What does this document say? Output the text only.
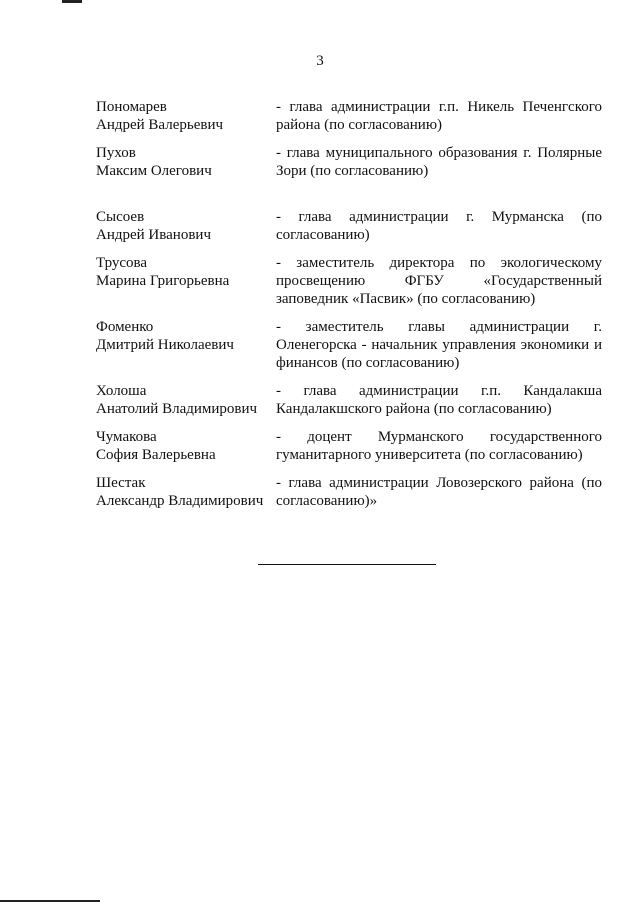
3
Пономарев
Андрей Валерьевич
- глава администрации г.п. Никель Печенгского района (по согласованию)
Пухов
Максим Олегович
- глава муниципального образования г. Полярные Зори (по согласованию)
Сысоев
Андрей Иванович
- глава администрации г. Мурманска (по согласованию)
Трусова
Марина Григорьевна
- заместитель директора по экологическому просвещению ФГБУ «Государственный заповедник «Пасвик» (по согласованию)
Фоменко
Дмитрий Николаевич
- заместитель главы администрации г. Оленегорска - начальник управления экономики и финансов (по согласованию)
Холоша
Анатолий Владимирович
- глава администрации г.п. Кандалакша Кандалакшского района (по согласованию)
Чумакова
София Валерьевна
- доцент Мурманского государственного гуманитарного университета (по согласованию)
Шестак
Александр Владимирович
- глава администрации Ловозерского района (по согласованию)»
